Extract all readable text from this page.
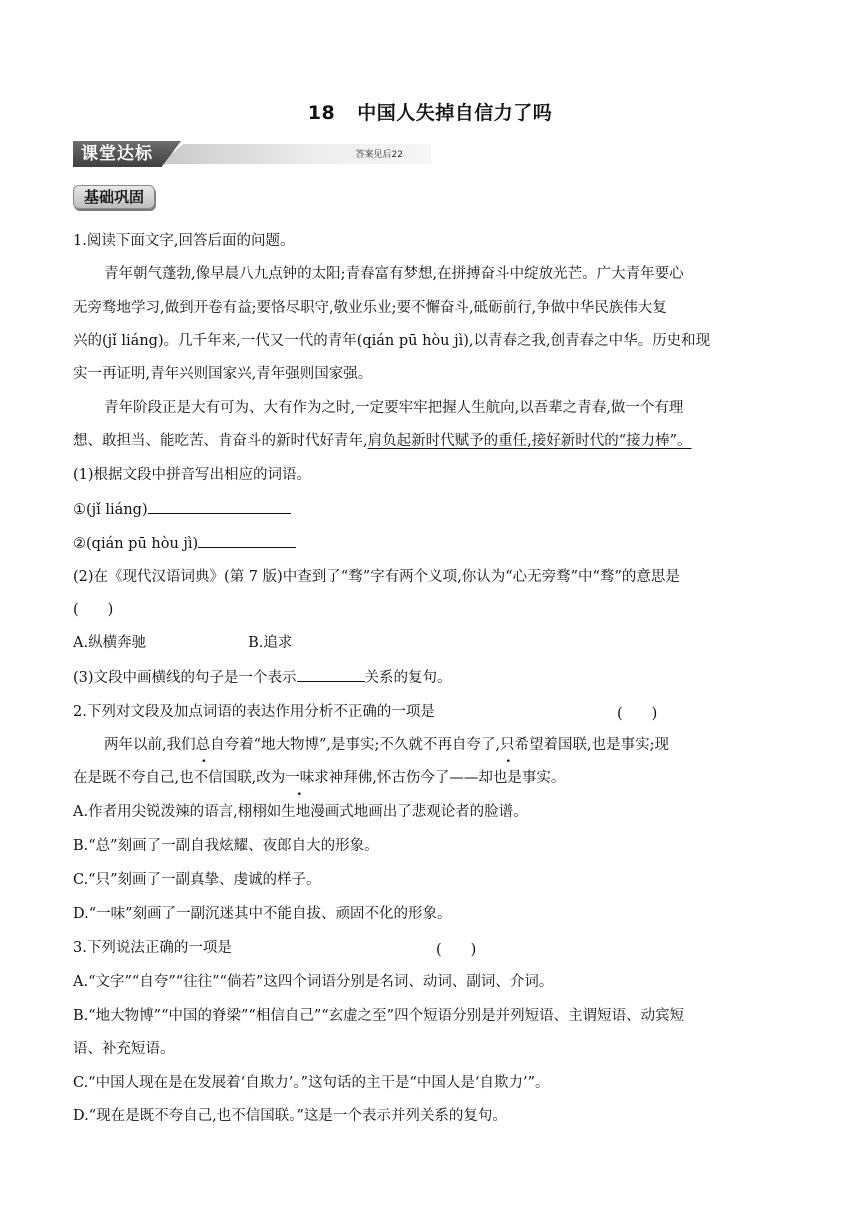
18 中国人失掉自信力了吗
课堂达标	答案见后22
基础巩固
1.阅读下面文字,回答后面的问题。
青年朝气蓬勃,像早晨八九点钟的太阳;青春富有梦想,在拼搏奋斗中绽放光芒。广大青年要心
无旁骛地学习,做到开卷有益;要恪尽职守,敬业乐业;要不懈奋斗,砥砺前行,争做中华民族伟大复
兴的(jǐ liáng)。几千年来,一代又一代的青年(qián pū hòu jì),以青春之我,创青春之中华。历史和现
实一再证明,青年兴则国家兴,青年强则国家强。
青年阶段正是大有可为、大有作为之时,一定要牢牢把握人生航向,以吾辈之青春,做一个有理
想、敢担当、能吃苦、肯奋斗的新时代好青年,肩负起新时代赋予的重任,接好新时代的“接力棒”。
(1)根据文段中拼音写出相应的词语。
①(jǐ liáng)
②(qián pū hòu jì)
(2)在《现代汉语词典》(第 7 版)中查到了“骛”字有两个义项,你认为“心无旁骛”中“骛”的意思是
(　　)
A.纵横奔驰	B.追求
(3)文段中画横线的句子是一个表示	关系的复句。
2.下列对文段及加点词语的表达作用分析不正确的一项是	(　　)
两年以前,我们总自夸着“地大物博”,是事实;不久就不再自夸了,只希望着国联,也是事实;现
在是既不夸自己,也不信国联,改为一味求神拜佛,怀古伤今了——却也是事实。
A.作者用尖锐泼辣的语言,栩栩如生地漫画式地画出了悲观论者的脸谱。
B.“总”刻画了一副自我炫耀、夜郎自大的形象。
C.“只”刻画了一副真挚、虔诚的样子。
D.“一味”刻画了一副沉迷其中不能自拔、顽固不化的形象。
3.下列说法正确的一项是	(　　)
A.“文字”“自夸”“往往”“倘若”这四个词语分别是名词、动词、副词、介词。
B.“地大物博”“中国的脊梁”“相信自己”“玄虚之至”四个短语分别是并列短语、主谓短语、动宾短
语、补充短语。
C.“中国人现在是在发展着‘自欺力’。”这句话的主干是“中国人是‘自欺力’”。
D.“现在是既不夸自己,也不信国联。”这是一个表示并列关系的复句。
